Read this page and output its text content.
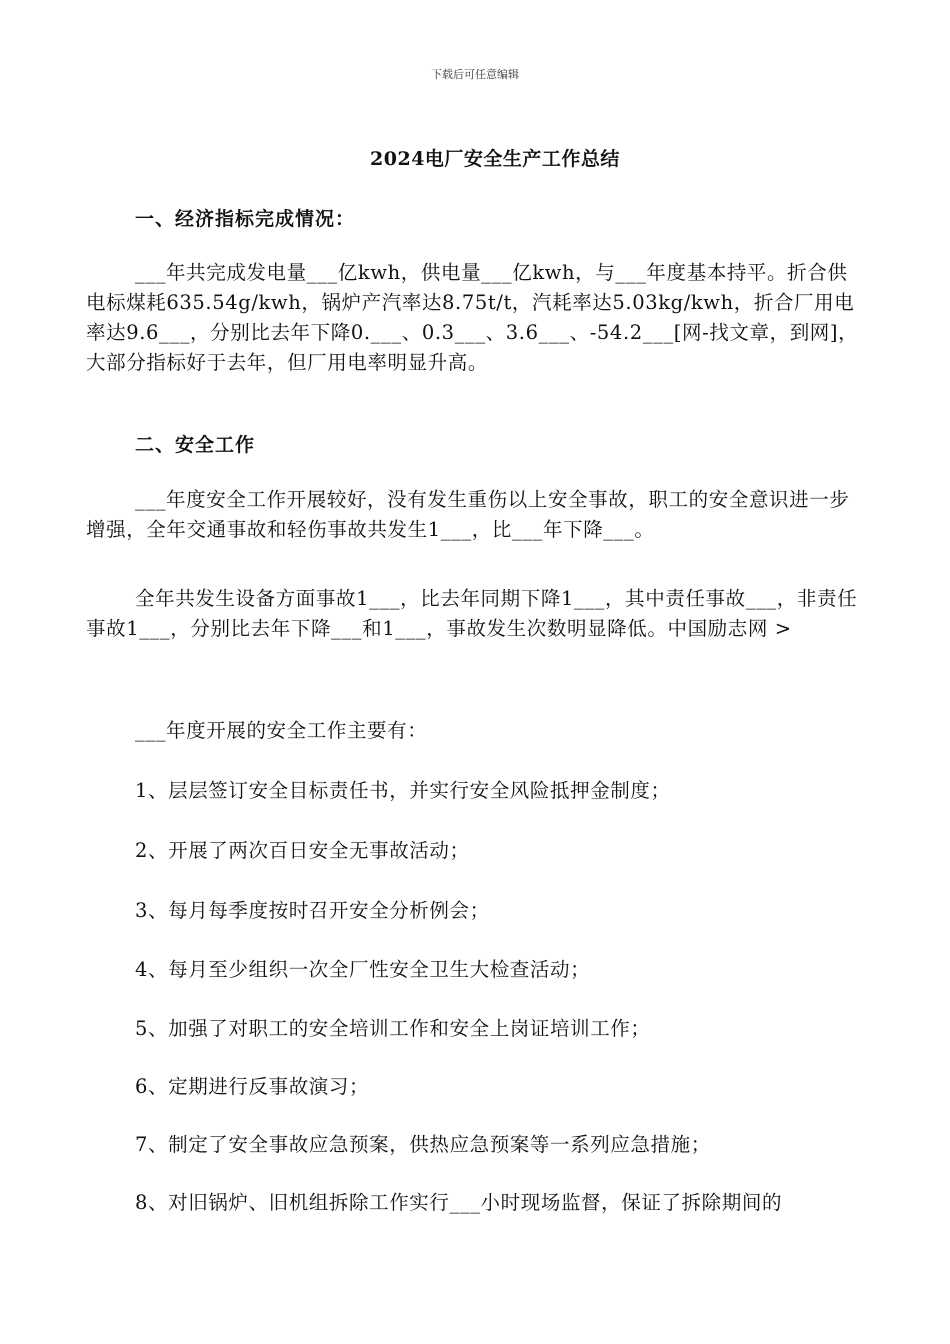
下载后可任意编辑
2024电厂安全生产工作总结
一、经济指标完成情况：

___年共完成发电量___亿kwh，供电量___亿kwh，与___年度基本持平。折合供电标煤耗635.54g/kwh，锅炉产汽率达8.75t/t，汽耗率达5.03kg/kwh，折合厂用电率达9.6___，分别比去年下降0.___、0.3___、3.6___、-54.2___[网-找文章，到网]，大部分指标好于去年，但厂用电率明显升高。

二、安全工作

___年度安全工作开展较好，没有发生重伤以上安全事故，职工的安全意识进一步增强，全年交通事故和轻伤事故共发生1___，比___年下降___。

全年共发生设备方面事故1___，比去年同期下降1___，其中责任事故___，非责任事故1___，分别比去年下降___和1___，事故发生次数明显降低。中国励志网 >

___年度开展的安全工作主要有：

1、层层签订安全目标责任书，并实行安全风险抵押金制度；
2、开展了两次百日安全无事故活动；
3、每月每季度按时召开安全分析例会；
4、每月至少组织一次全厂性安全卫生大检查活动；
5、加强了对职工的安全培训工作和安全上岗证培训工作；
6、定期进行反事故演习；
7、制定了安全事故应急预案，供热应急预案等一系列应急措施；
8、对旧锅炉、旧机组拆除工作实行___小时现场监督，保证了拆除期间的
